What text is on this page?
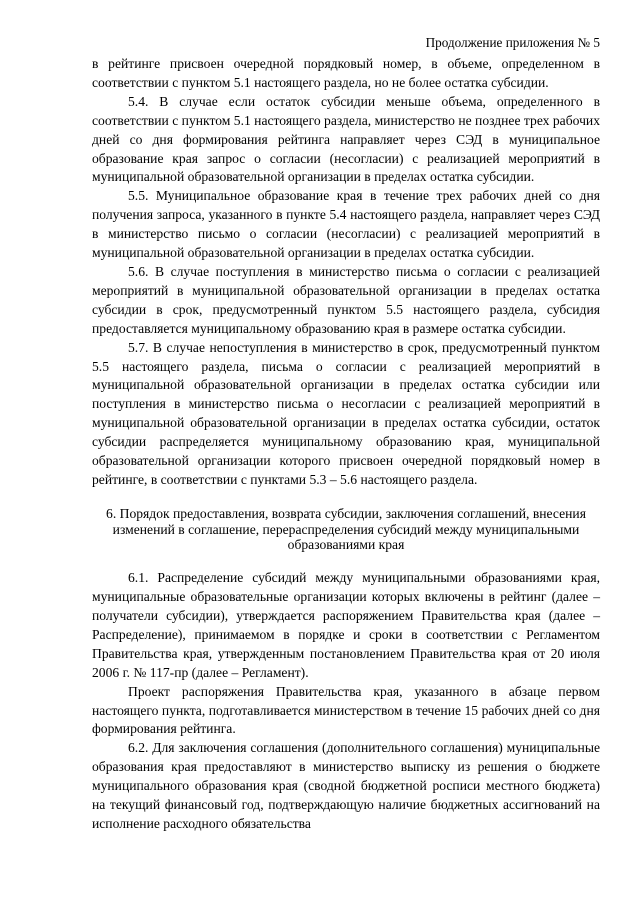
Продолжение приложения № 5

в рейтинге присвоен очередной порядковый номер, в объеме, определенном в соответствии с пунктом 5.1 настоящего раздела, но не более остатка субсидии.

5.4. В случае если остаток субсидии меньше объема, определенного в соответствии с пунктом 5.1 настоящего раздела, министерство не позднее трех рабочих дней со дня формирования рейтинга направляет через СЭД в муниципальное образование края запрос о согласии (несогласии) с реализацией мероприятий в муниципальной образовательной организации в пределах остатка субсидии.

5.5. Муниципальное образование края в течение трех рабочих дней со дня получения запроса, указанного в пункте 5.4 настоящего раздела, направляет через СЭД в министерство письмо о согласии (несогласии) с реализацией мероприятий в муниципальной образовательной организации в пределах остатка субсидии.

5.6. В случае поступления в министерство письма о согласии с реализацией мероприятий в муниципальной образовательной организации в пределах остатка субсидии в срок, предусмотренный пунктом 5.5 настоящего раздела, субсидия предоставляется муниципальному образованию края в размере остатка субсидии.

5.7. В случае непоступления в министерство в срок, предусмотренный пунктом 5.5 настоящего раздела, письма о согласии с реализацией мероприятий в муниципальной образовательной организации в пределах остатка субсидии или поступления в министерство письма о несогласии с реализацией мероприятий в муниципальной образовательной организации в пределах остатка субсидии, остаток субсидии распределяется муниципальному образованию края, муниципальной образовательной организации которого присвоен очередной порядковый номер в рейтинге, в соответствии с пунктами 5.3 – 5.6 настоящего раздела.

6. Порядок предоставления, возврата субсидии, заключения соглашений, внесения изменений в соглашение, перераспределения субсидий между муниципальными образованиями края

6.1. Распределение субсидий между муниципальными образованиями края, муниципальные образовательные организации которых включены в рейтинг (далее – получатели субсидии), утверждается распоряжением Правительства края (далее – Распределение), принимаемом в порядке и сроки в соответствии с Регламентом Правительства края, утвержденным постановлением Правительства края от 20 июля 2006 г. № 117-пр (далее – Регламент).

Проект распоряжения Правительства края, указанного в абзаце первом настоящего пункта, подготавливается министерством в течение 15 рабочих дней со дня формирования рейтинга.

6.2. Для заключения соглашения (дополнительного соглашения) муниципальные образования края предоставляют в министерство выписку из решения о бюджете муниципального образования края (сводной бюджетной росписи местного бюджета) на текущий финансовый год, подтверждающую наличие бюджетных ассигнований на исполнение расходного обязательства
